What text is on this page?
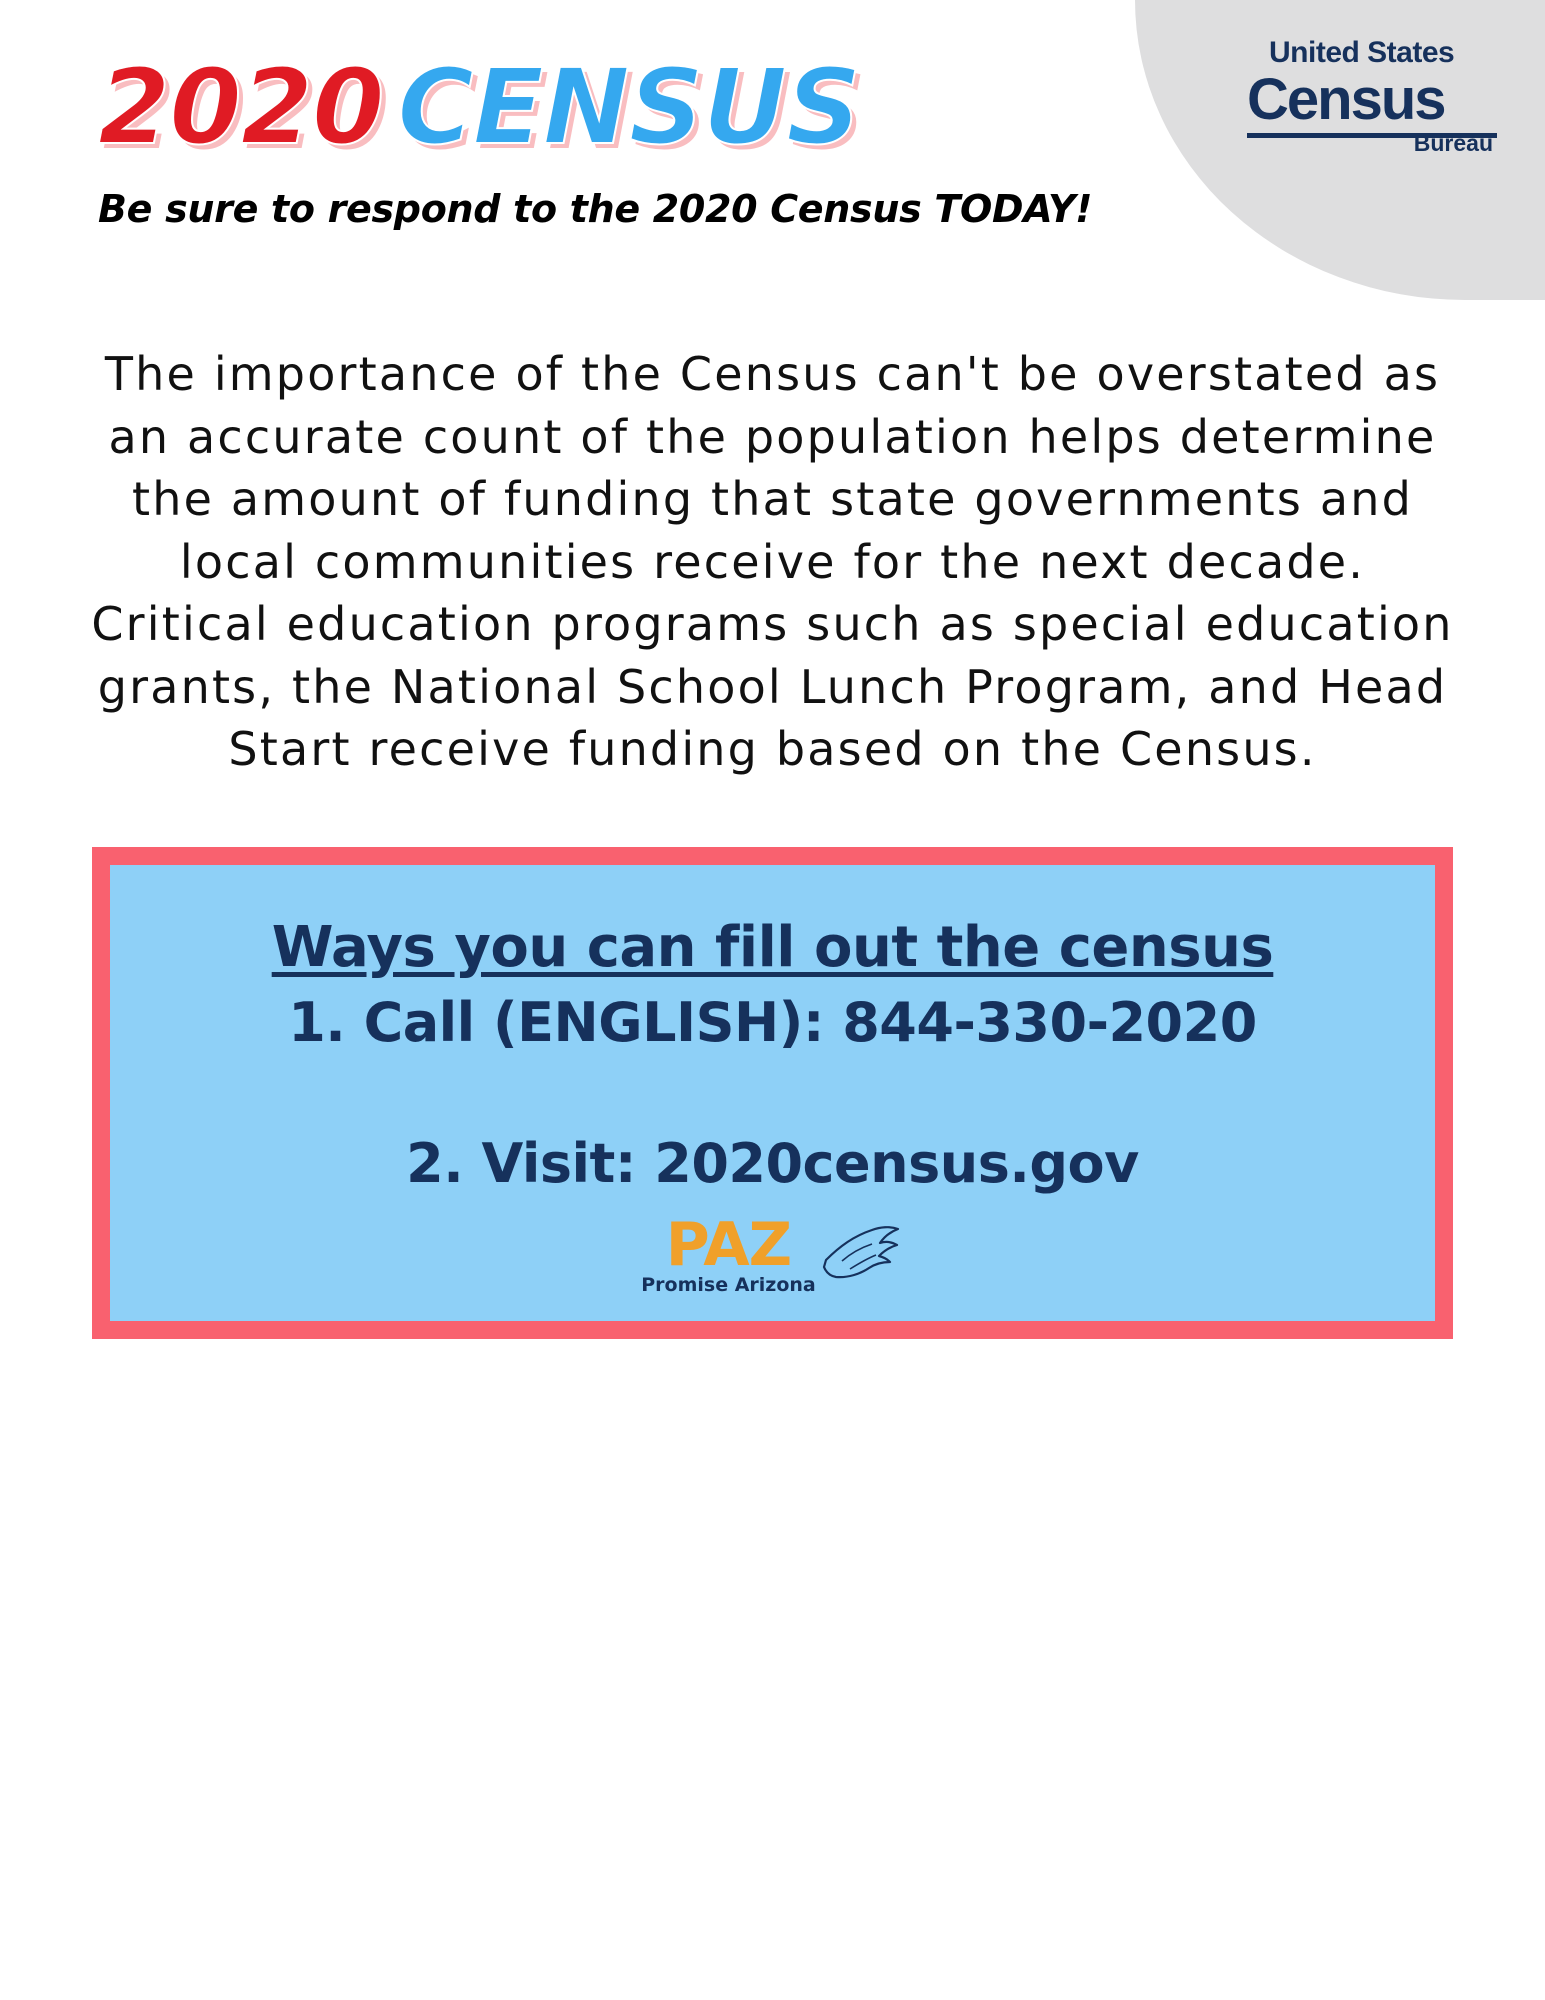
United States
Census
Bureau
2020 CENSUS
Be sure to respond to the 2020 Census TODAY!
The importance of the Census can't be overstated as an accurate count of the population helps determine the amount of funding that state governments and local communities receive for the next decade. Critical education programs such as special education grants, the National School Lunch Program, and Head Start receive funding based on the Census.
Ways you can fill out the census
1. Call (ENGLISH): 844-330-2020
2. Visit: 2020census.gov
PAZ
Promise Arizona
